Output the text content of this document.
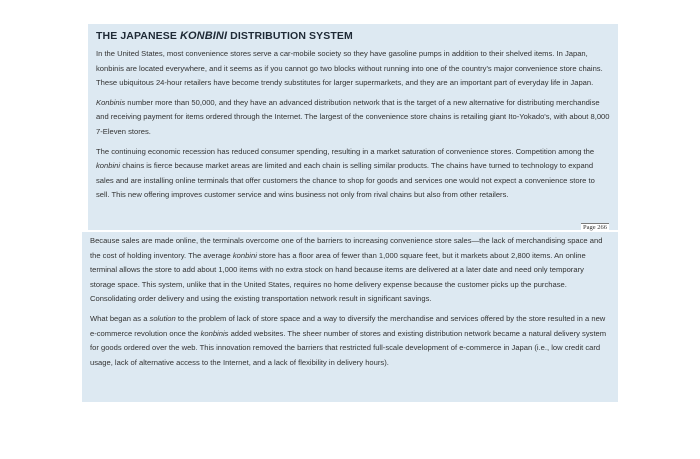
THE JAPANESE KONBINI DISTRIBUTION SYSTEM

In the United States, most convenience stores serve a car-mobile society so they have gasoline pumps in addition to their shelved items. In Japan, konbinis are located everywhere, and it seems as if you cannot go two blocks without running into one of the country's major convenience store chains. These ubiquitous 24-hour retailers have become trendy substitutes for larger supermarkets, and they are an important part of everyday life in Japan.

Konbinis number more than 50,000, and they have an advanced distribution network that is the target of a new alternative for distributing merchandise and receiving payment for items ordered through the Internet. The largest of the convenience store chains is retailing giant Ito-Yokado's, with about 8,000 7-Eleven stores.

The continuing economic recession has reduced consumer spending, resulting in a market saturation of convenience stores. Competition among the konbini chains is fierce because market areas are limited and each chain is selling similar products. The chains have turned to technology to expand sales and are installing online terminals that offer customers the chance to shop for goods and services one would not expect a convenience store to sell. This new offering improves customer service and wins business not only from rival chains but also from other retailers.

Page 266

Because sales are made online, the terminals overcome one of the barriers to increasing convenience store sales—the lack of merchandising space and the cost of holding inventory. The average konbini store has a floor area of fewer than 1,000 square feet, but it markets about 2,800 items. An online terminal allows the store to add about 1,000 items with no extra stock on hand because items are delivered at a later date and need only temporary storage space. This system, unlike that in the United States, requires no home delivery expense because the customer picks up the purchase. Consolidating order delivery and using the existing transportation network result in significant savings.

What began as a solution to the problem of lack of store space and a way to diversify the merchandise and services offered by the store resulted in a new e-commerce revolution once the konbinis added websites. The sheer number of stores and existing distribution network became a natural delivery system for goods ordered over the web. This innovation removed the barriers that restricted full-scale development of e-commerce in Japan (i.e., low credit card usage, lack of alternative access to the Internet, and a lack of flexibility in delivery hours).
